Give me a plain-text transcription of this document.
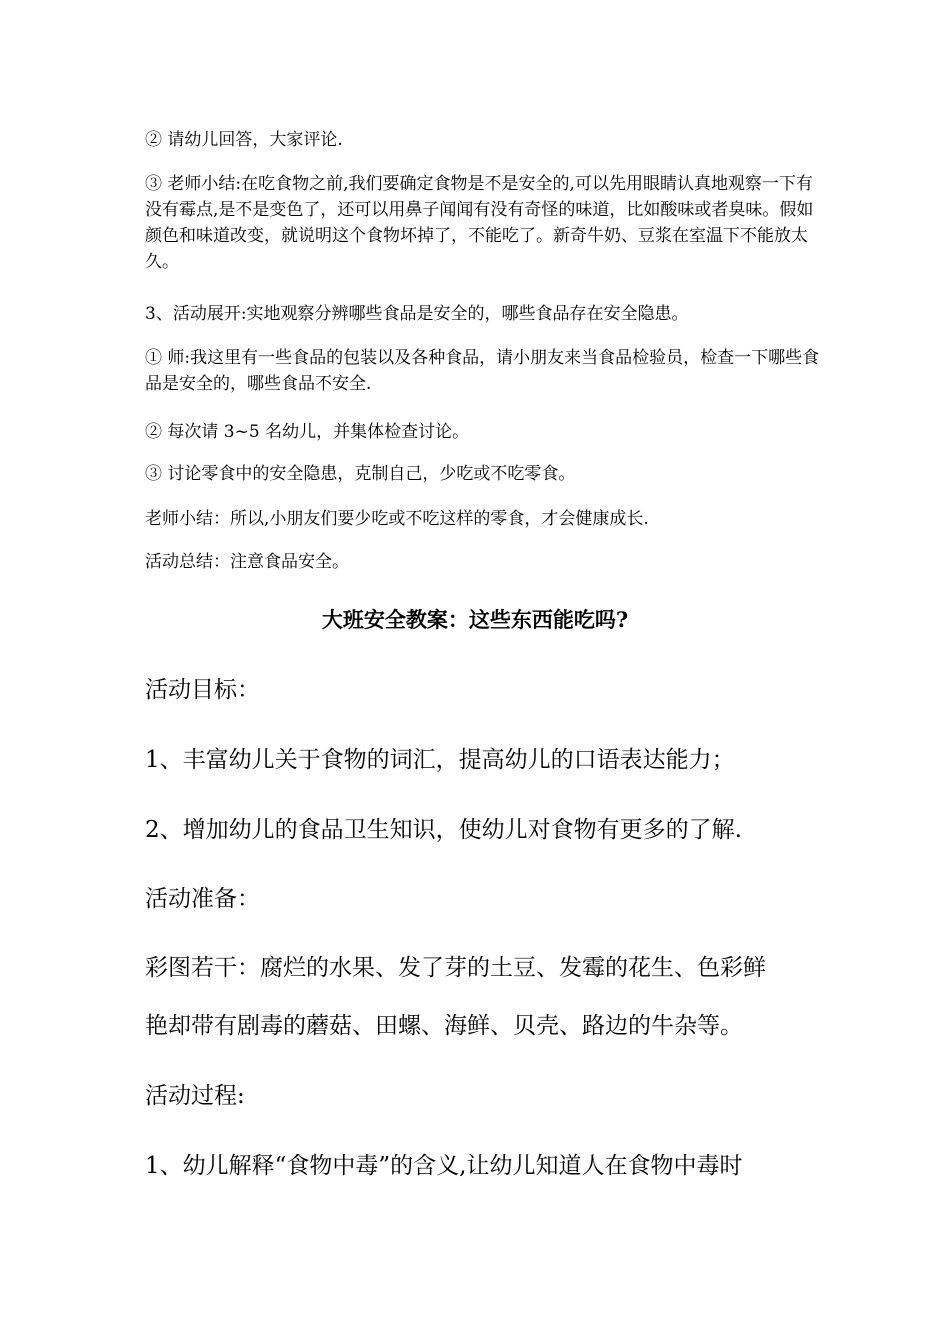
② 请幼儿回答，大家评论.

③ 老师小结:在吃食物之前,我们要确定食物是不是安全的,可以先用眼睛认真地观察一下有没有霉点,是不是变色了，还可以用鼻子闻闻有没有奇怪的味道，比如酸味或者臭味。假如颜色和味道改变，就说明这个食物坏掉了，不能吃了。新奇牛奶、豆浆在室温下不能放太久。

3、活动展开:实地观察分辨哪些食品是安全的，哪些食品存在安全隐患。

① 师:我这里有一些食品的包装以及各种食品，请小朋友来当食品检验员，检查一下哪些食品是安全的，哪些食品不安全.

② 每次请 3~5 名幼儿，并集体检查讨论。

③ 讨论零食中的安全隐患，克制自己，少吃或不吃零食。

老师小结：所以,小朋友们要少吃或不吃这样的零食，才会健康成长.

活动总结：注意食品安全。

大班安全教案：这些东西能吃吗?

活动目标：

1、丰富幼儿关于食物的词汇，提高幼儿的口语表达能力；

2、增加幼儿的食品卫生知识，使幼儿对食物有更多的了解.

活动准备：

彩图若干：腐烂的水果、发了芽的土豆、发霉的花生、色彩鲜

艳却带有剧毒的蘑菇、田螺、海鲜、贝壳、路边的牛杂等。

活动过程:

1、幼儿解释“食物中毒”的含义,让幼儿知道人在食物中毒时
